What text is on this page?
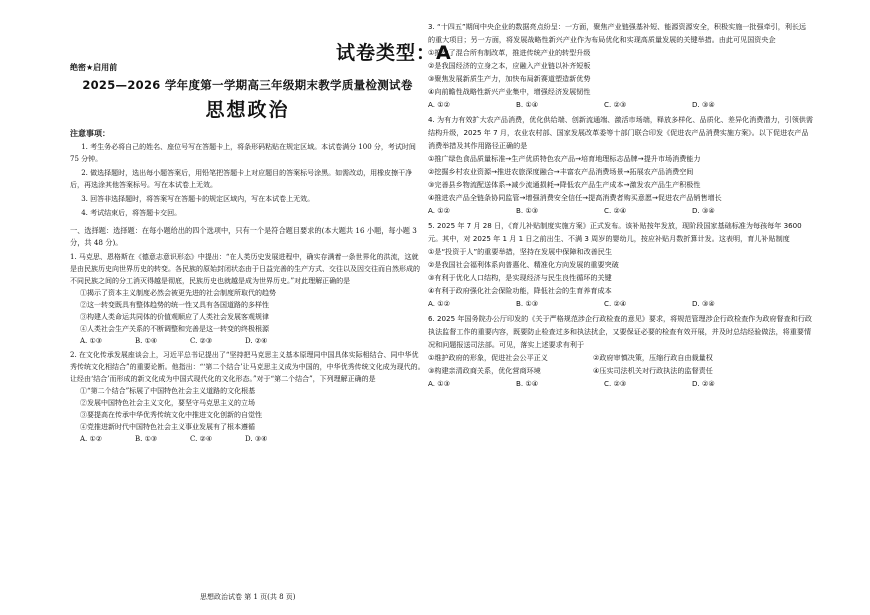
试卷类型：A
绝密★启用前
2025—2026 学年度第一学期高三年级期末教学质量检测试卷
思想政治
注意事项：
1. 考生务必将自己的姓名、座位号写在答题卡上，将条形码粘贴在规定区域。本试卷满分 100 分，考试时间 75 分钟。
2. 做选择题时，选出每小题答案后，用铅笔把答题卡上对应题目的答案标号涂黑。如需改动，用橡皮擦干净后，再选涂其他答案标号。写在本试卷上无效。
3. 回答非选择题时，将答案写在答题卡的规定区域内，写在本试卷上无效。
4. 考试结束后，将答题卡交回。
一、选择题：选择题：在每小题给出的四个选项中，只有一个是符合题目要求的(本大题共 16 小题，每小题 3 分，共 48 分)。
1. 马克思、恩格斯在《德意志意识形态》中提出：“在人类历史发展进程中，确实存满着一条世界化的洪流，这就是由民族历史向世界历史的转变。各民族的原始封闭状态由于日益完善的生产方式、交往以及因交往而自然形成的不同民族之间的分工消灭得越是彻底，民族历史也就越是成为世界历史。”对此理解正确的是
①揭示了资本主义制度必然会被更先进的社会制度所取代的趋势
②这一转变既具有整体趋势的统一性又具有各国道路的多样性
③构建人类命运共同体的价值观顺应了人类社会发展客观规律
④人类社会生产关系的不断调整和完善是这一转变的终极根源
A. ①③	B. ①④	C. ②③	D. ②④
2. 在文化传承发展座谈会上，习近平总书记提出了“坚持把马克思主义基本原理同中国具体实际相结合、同中华优秀传统文化相结合”的重要论断。他指出：“‘第二个结合’让马克思主义成为中国的，中华优秀传统文化成为现代的。让经由‘结合’而形成的新文化成为中国式现代化的文化形态。”对于“第二个结合”，下列理解正确的是
①“第二个结合”标展了中国特色社会主义道路的文化根基
②发展中国特色社会主义文化，要坚守马克思主义的立场
③要提高在传承中华优秀传统文化中推进文化创新的自觉性
④党推进新时代中国特色社会主义事业发展有了根本遵循
A. ①②	B. ①③	C. ②④	D. ③④
思想政治试卷 第 1 页(共 8 页)
3. “十四五”期间中央企业的数据亮点纷呈：一方面，聚焦产业链强基补短、能源资源安全，积极实施一批强牵引，利长远的重大项目；另一方面，将发展战略性新兴产业作为布局优化和实现高质量发展的关键举措。由此可见国资央企
①推动了混合所有制改革，推进传统产业的转型升级
②是我国经济的立身之本，应融入产业链以补齐短板
③聚焦发展新质生产力，加快布局新赛道塑造新优势
④向前瞻性战略性新兴产业集中，增强经济发展韧性
A. ①②	B. ①④	C. ②③	D. ③④
4. 为有力有效扩大农产品消费，优化供给端、创新流通端、激活市场端，释放多样化、品质化、差异化消费潜力，引领供需结构升级，2025 年 7 月，农业农村部、国家发展改革委等十部门联合印发《促进农产品消费实施方案》。以下促进农产品消费举措及其作用路径正确的是
①推广绿色食品质量标准→生产优质特色农产品→培育地理标志品牌→提升市场消费能力
②挖掘乡村农业资源→推进农旅深度融合→丰富农产品消费场景→拓展农产品消费空间
③完善县乡物流配送体系→减少流通损耗→降低农产品生产成本→激发农产品生产积极性
④推进农产品全链条协同监管→增强消费安全信任→提高消费者购买意愿→促进农产品销售增长
A. ①②	B. ①③	C. ②④	D. ③④
5. 2025 年 7 月 28 日，《育儿补贴制度实施方案》正式发布。该补贴按年发放，现阶段国家基础标准为每孩每年 3600 元。其中，对 2025 年 1 月 1 日之前出生、不满 3 周岁的婴幼儿，按应补贴月数折算计发。这表明，育儿补贴制度
①是“投资于人”的重要举措，坚持在发展中保障和改善民生
②是我国社会福利体系向普惠化、精准化方向发展的重要突破
③有利于优化人口结构，是实现经济与民生良性循环的关键
④有利于政府强化社会保险功能，降低社会的生育养育成本
A. ①②	B. ①③	C. ②④	D. ③④
6. 2025 年国务院办公厅印发的《关于严格规范涉企行政检查的意见》要求，将规范管理涉企行政检查作为政府督查和行政执法监督工作的重要内容，既要防止检查过多和执法扰企，又要保证必要的检查有效开展，并及时总结经验做法，将重要情况和问题报送司法部。可见，落实上述要求有利于
①维护政府的形象，促进社会公平正义	②政府审慎决策，压缩行政自由裁量权
③构建亲清政商关系，优化营商环境	④压实司法机关对行政执法的监督责任
A. ①③	B. ①④	C. ②③	D. ②④
